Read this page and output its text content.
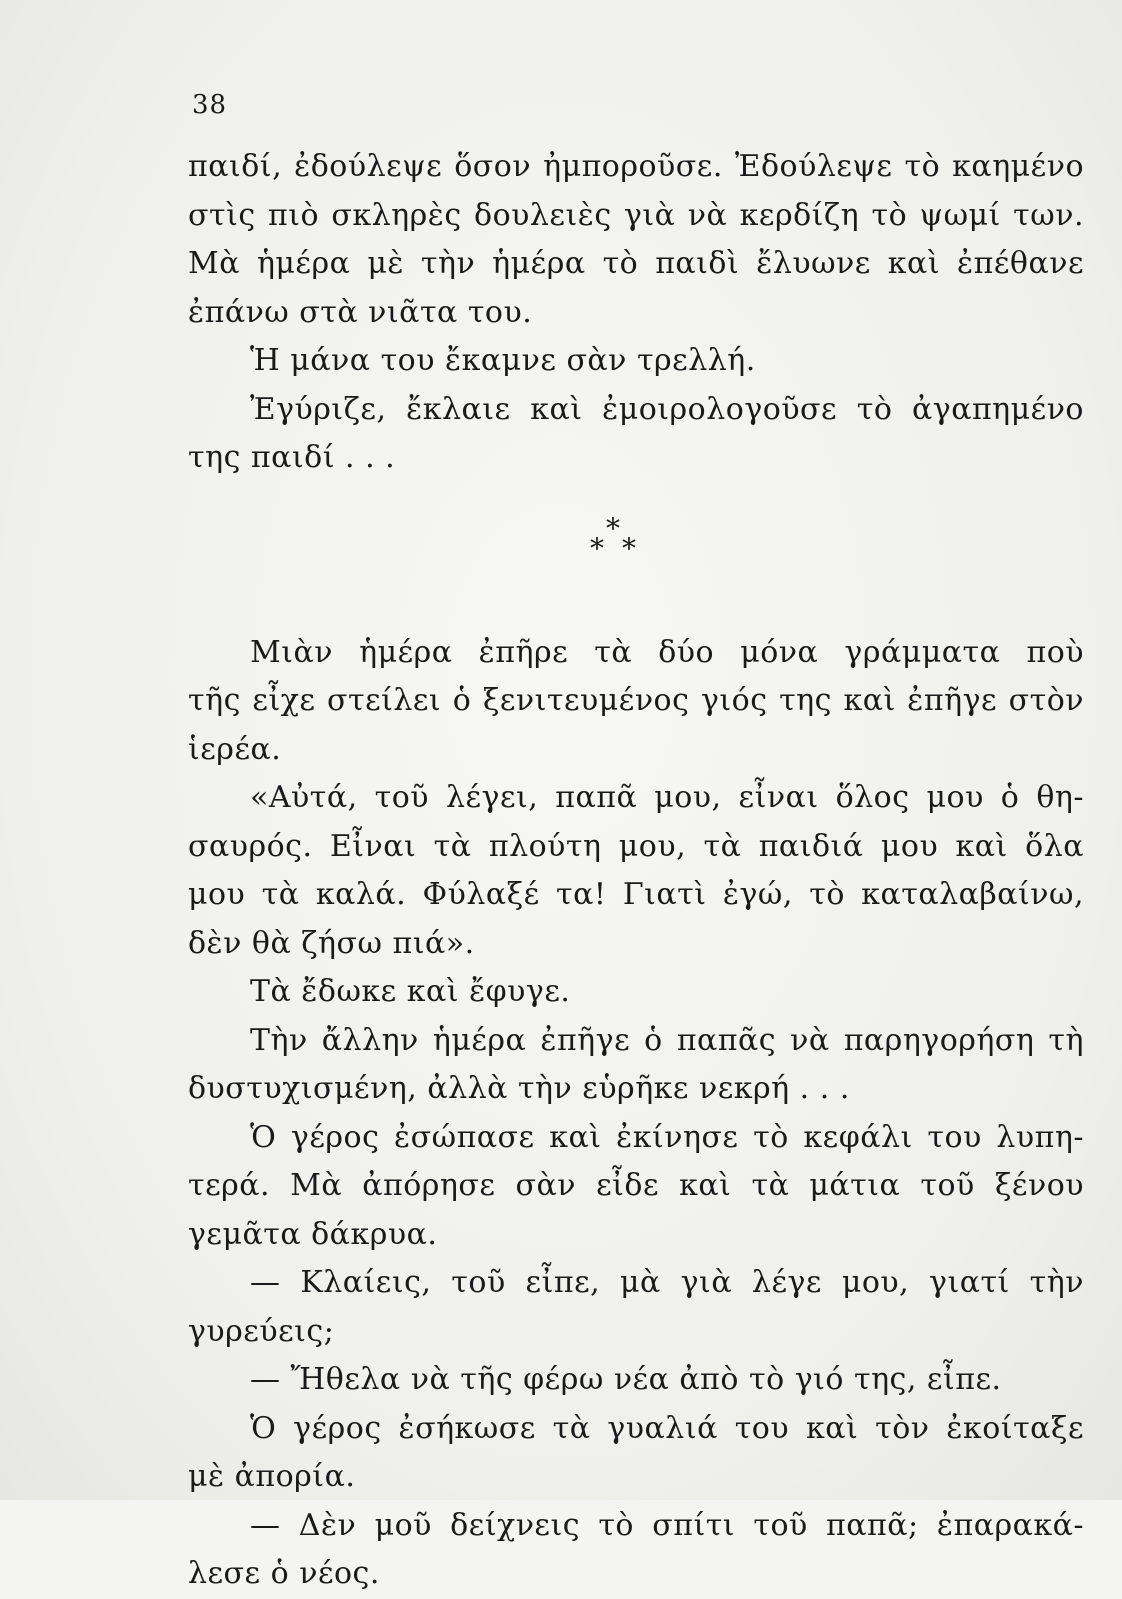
38
παιδί, ἐδούλεψε ὅσον ἠμποροῦσε. Ἐδούλεψε τὸ καημένο
στὶς πιὸ σκληρὲς δουλειὲς γιὰ νὰ κερδίζη τὸ ψωμί των.
Μὰ ἡμέρα μὲ τὴν ἡμέρα τὸ παιδὶ ἔλυωνε καὶ ἐπέθανε
ἐπάνω στὰ νιᾶτα του.
Ἡ μάνα του ἔκαμνε σὰν τρελλή.
Ἐγύριζε, ἔκλαιε καὶ ἐμοιρολογοῦσε τὸ ἀγαπημένο
της παιδί . . .
*
* *
Μιὰν ἡμέρα ἐπῆρε τὰ δύο μόνα γράμματα ποὺ
τῆς εἶχε στείλει ὁ ξενιτευμένος γιός της καὶ ἐπῆγε στὸν
ἱερέα.
«Αὐτά, τοῦ λέγει, παπᾶ μου, εἶναι ὅλος μου ὁ θη-
σαυρός. Εἶναι τὰ πλούτη μου, τὰ παιδιά μου καὶ ὅλα
μου τὰ καλά. Φύλαξέ τα! Γιατὶ ἐγώ, τὸ καταλαβαίνω,
δὲν θὰ ζήσω πιά».
Τὰ ἔδωκε καὶ ἔφυγε.
Τὴν ἄλλην ἡμέρα ἐπῆγε ὁ παπᾶς νὰ παρηγορήση τὴ
δυστυχισμένη, ἀλλὰ τὴν εὑρῆκε νεκρή . . .
Ὁ γέρος ἐσώπασε καὶ ἐκίνησε τὸ κεφάλι του λυπη-
τερά. Μὰ ἀπόρησε σὰν εἶδε καὶ τὰ μάτια τοῦ ξένου
γεμᾶτα δάκρυα.
— Κλαίεις, τοῦ εἶπε, μὰ γιὰ λέγε μου, γιατί τὴν
γυρεύεις;
— Ἤθελα νὰ τῆς φέρω νέα ἀπὸ τὸ γιό της, εἶπε.
Ὁ γέρος ἐσήκωσε τὰ γυαλιά του καὶ τὸν ἐκοίταξε
μὲ ἀπορία.
— Δὲν μοῦ δείχνεις τὸ σπίτι τοῦ παπᾶ; ἐπαρακά-
λεσε ὁ νέος.
